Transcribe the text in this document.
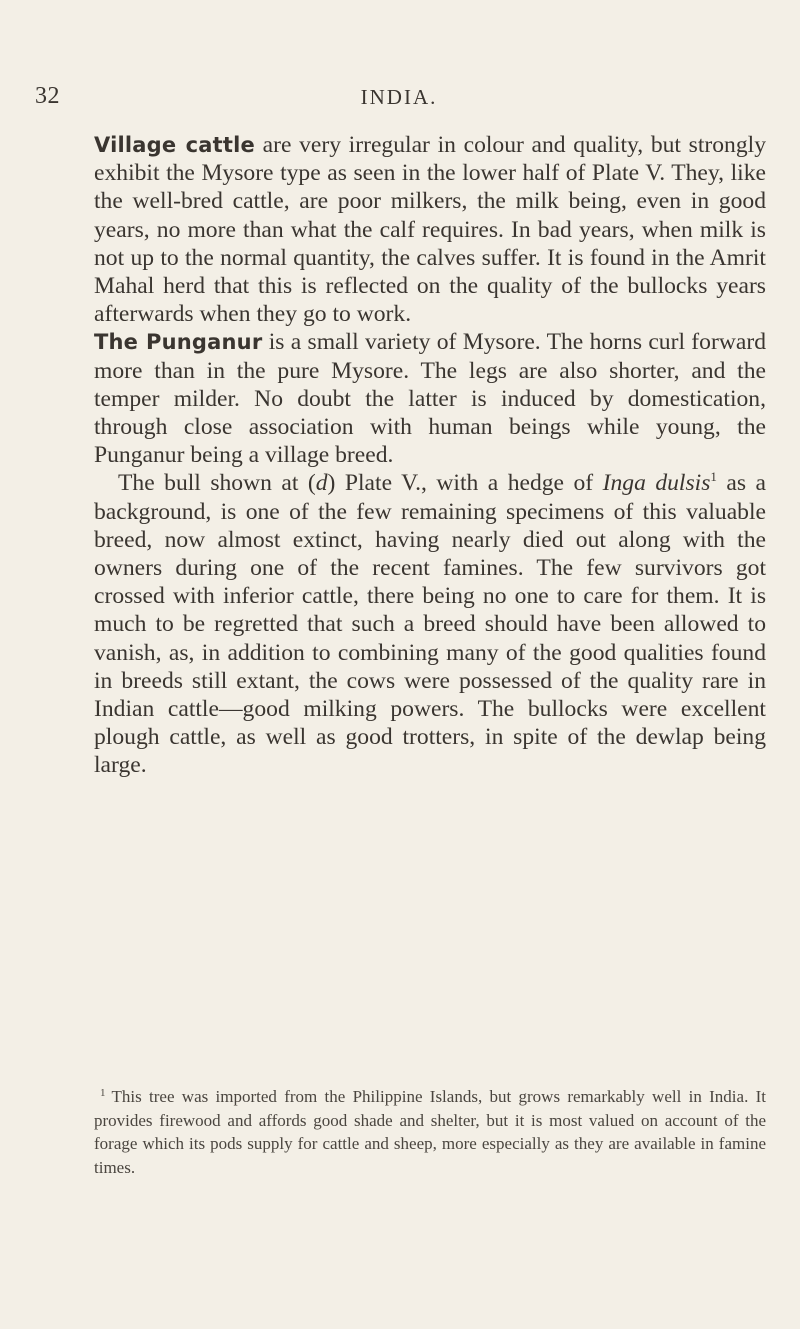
32	INDIA.

Village cattle are very irregular in colour and quality, but strongly exhibit the Mysore type as seen in the lower half of Plate V. They, like the well-bred cattle, are poor milkers, the milk being, even in good years, no more than what the calf requires. In bad years, when milk is not up to the normal quantity, the calves suffer. It is found in the Amrit Mahal herd that this is reflected on the quality of the bullocks years afterwards when they go to work.

The Punganur is a small variety of Mysore. The horns curl forward more than in the pure Mysore. The legs are also shorter, and the temper milder. No doubt the latter is induced by domestication, through close association with human beings while young, the Punganur being a village breed.

The bull shown at (d) Plate V., with a hedge of Inga dulsis$^1$ as a background, is one of the few remaining specimens of this valuable breed, now almost extinct, having nearly died out along with the owners during one of the recent famines. The few survivors got crossed with inferior cattle, there being no one to care for them. It is much to be regretted that such a breed should have been allowed to vanish, as, in addition to combining many of the good qualities found in breeds still extant, the cows were possessed of the quality rare in Indian cattle—good milking powers. The bullocks were excellent plough cattle, as well as good trotters, in spite of the dewlap being large.

$^1$ This tree was imported from the Philippine Islands, but grows remarkably well in India. It provides firewood and affords good shade and shelter, but it is most valued on account of the forage which its pods supply for cattle and sheep, more especially as they are available in famine times.
